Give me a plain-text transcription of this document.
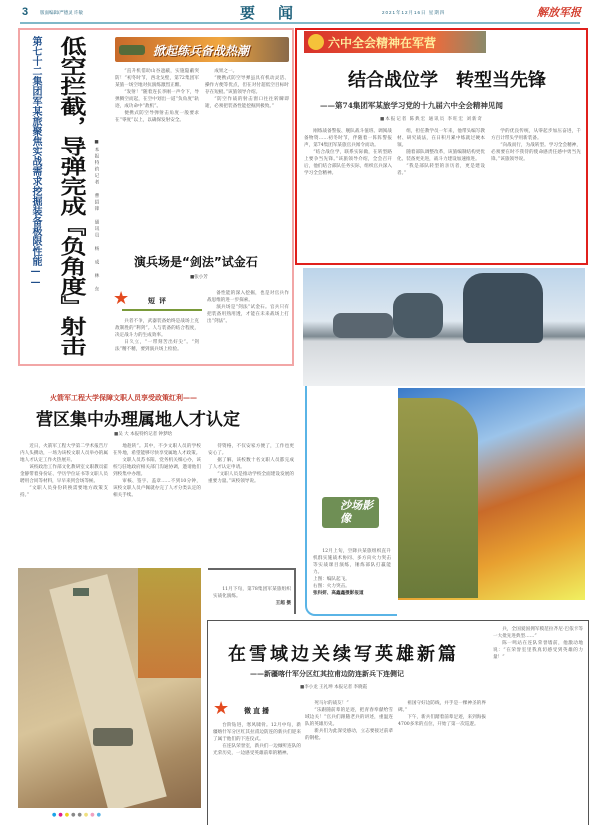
3	版面编辑/严德灵 许敏	要　闻	2021年12月16日 星期四	解放军报
第七十二集团军某旅聚焦实战需求挖掘装备极限性能—— 低空拦截，导弹完成『负角度』射击	■本报特约记者 曹绍锋 通讯员 杨 成 林 东
掀起练兵备战热潮

“直升机借助山谷遮蔽，实施隐蔽突防！”初冬时节，西北戈壁，第72集团军某旅一场空地对抗演练激烈正酣。

“发射！”随着连长李刚一声令下，导弹腾空而起，在空中划出一道“负角度”轨迹，成功命中“敌机”。

便携式防空导弹射击角度一般要求在“零度”以上，以确保发射安全。

成果之一。

“便携式防空导弹虽具有机动灵活、操作方便等优点，但在对付超低空目标时存在短板。”该旅领导介绍。

“防空作战的射击窗口往往转瞬即逝，必须把装备性能挖掘到极致。”

演兵场是“剑法”试金石
■张小芳
★	短评

兵者不争，武器装备始终是战场上克敌制胜的“利剑”。人与装备的结合程度，决定战斗力的生成效率。

日久立，“一带刻苦出好尖”。“剑法”精不精，要到演兵场上检验。

备性能的深入挖掘，也是对官兵作战思维的进一步探索。

演兵场是“剑法”试金石。官兵只有把装备用熟用透，才能在未来战场上打出“剑法”。

六中全会精神在军营
结合战位学　转型当先锋
——第74集团军某旅学习党的十九届六中全会精神见闻
■本报记者 陈典宏 通讯员 李旺宏 刘新奇

刚练战备警报、舰队战斗值班、调阅战备物资……初冬时节，伴随着一阵阵警报声，第74集团军某旅官兵闻令而动。

“结合战位学，联系实际做，在转型路上要争当先锋。”该旅领导介绍，全会召开后，他们结合部队任务实际，组织官兵深入学习全会精神。

组，担任教学员一年来，他带头编写教材、研究战法，在日积月累中练就过硬本领。

随着部队调整改革，该旅编制结构更优化、装备更先进，战斗力建设加速推进。

“我是部队转型的亲历者，更是建设者。”

学的优良传统，从零起步加压奋进，千方百计带头学用新装备。

“向战而行，为战转型。学习全会精神，必须要在时不我待的使命感责任感中勇当先锋。”该旅领导说。

沙场影像

12月上旬，空降兵某旅组织直升机群实施战术协同、多方向火力突击等实战课目演练，锤炼部队打赢能力。

上图：编队起飞。
右图：火力突击。
张科妍、高鑫鑫摄影报道
火箭军工程大学保障文职人员享受政策红利——
营区集中办理属地人才认定
■吴 大 本报特约记者 钟梦晗

近日，火箭军工程大学第二学术报告厅内人头攒动，一场为该校文职人员举办的属地人才认定工作火热展开。

该校政治工作部文化教研室文职教员霍金静带着身份证、学历学位证书等文职人员聘用合同等材料，早早来到会场等候。

“文职人员身份转换需要地方政策支持。”

地趁转”。其中，不少文职人员的学校在外地，希望能够尽快享受属地人才政策。

文职人员苏书阳、党务机关细心办，该校与驻地政府相关部门沟通协调，邀请他们到校集中办理。

审核、签字、盖章……不到10分钟，该校文职人员卢佩就办完了人才分类认定的相关手续。

待资格，不仅安家方便了，工作也更安心了。

据了解，该校数十名文职人员都完成了人才认定申请。

“文职人员是推动学校全面建设发展的重要力量。”该校领导说。

●●●●●●●●

11月下旬，第78集团军某旅组织实战化演练。

王超 摄
在雪域边关续写英雄新篇
——新疆喀什军分区红其拉甫边防连新兵下连侧记
■李小龙 王礼坤 本报记者 李晓霞
★ 微直播

台阶钻进，寒风啸骨。12月中旬，新疆喀什军分区红其拉甫边防连的新兵们迎来了属于他们的下连仪式。

在连队荣誉室，新兵们一边倾听连队的光荣历史，一边感受英雄前辈的精神。

死马尔的战友！”

“乐跟随前辈的足迹，把青春奉献给雪域边关！”官兵们跟随老兵的讲述，重温连队的英雄历史。

新兵们为此深受感动，立志要接过前辈的钢枪。

祖国守好边防线，并手是一棵神圣的界碑。”

下午，新兵们踏着前辈足迹，来到海拔4700多米的点位，开始了第一次巡逻。

兵，全国爱国拥军模范拉齐尼·巴依卡等一大批先进典型……”

陈一鸣站在连队荣誉墙前，他激动地说：“在荣誉室里我真切感受到英雄的力量！”
